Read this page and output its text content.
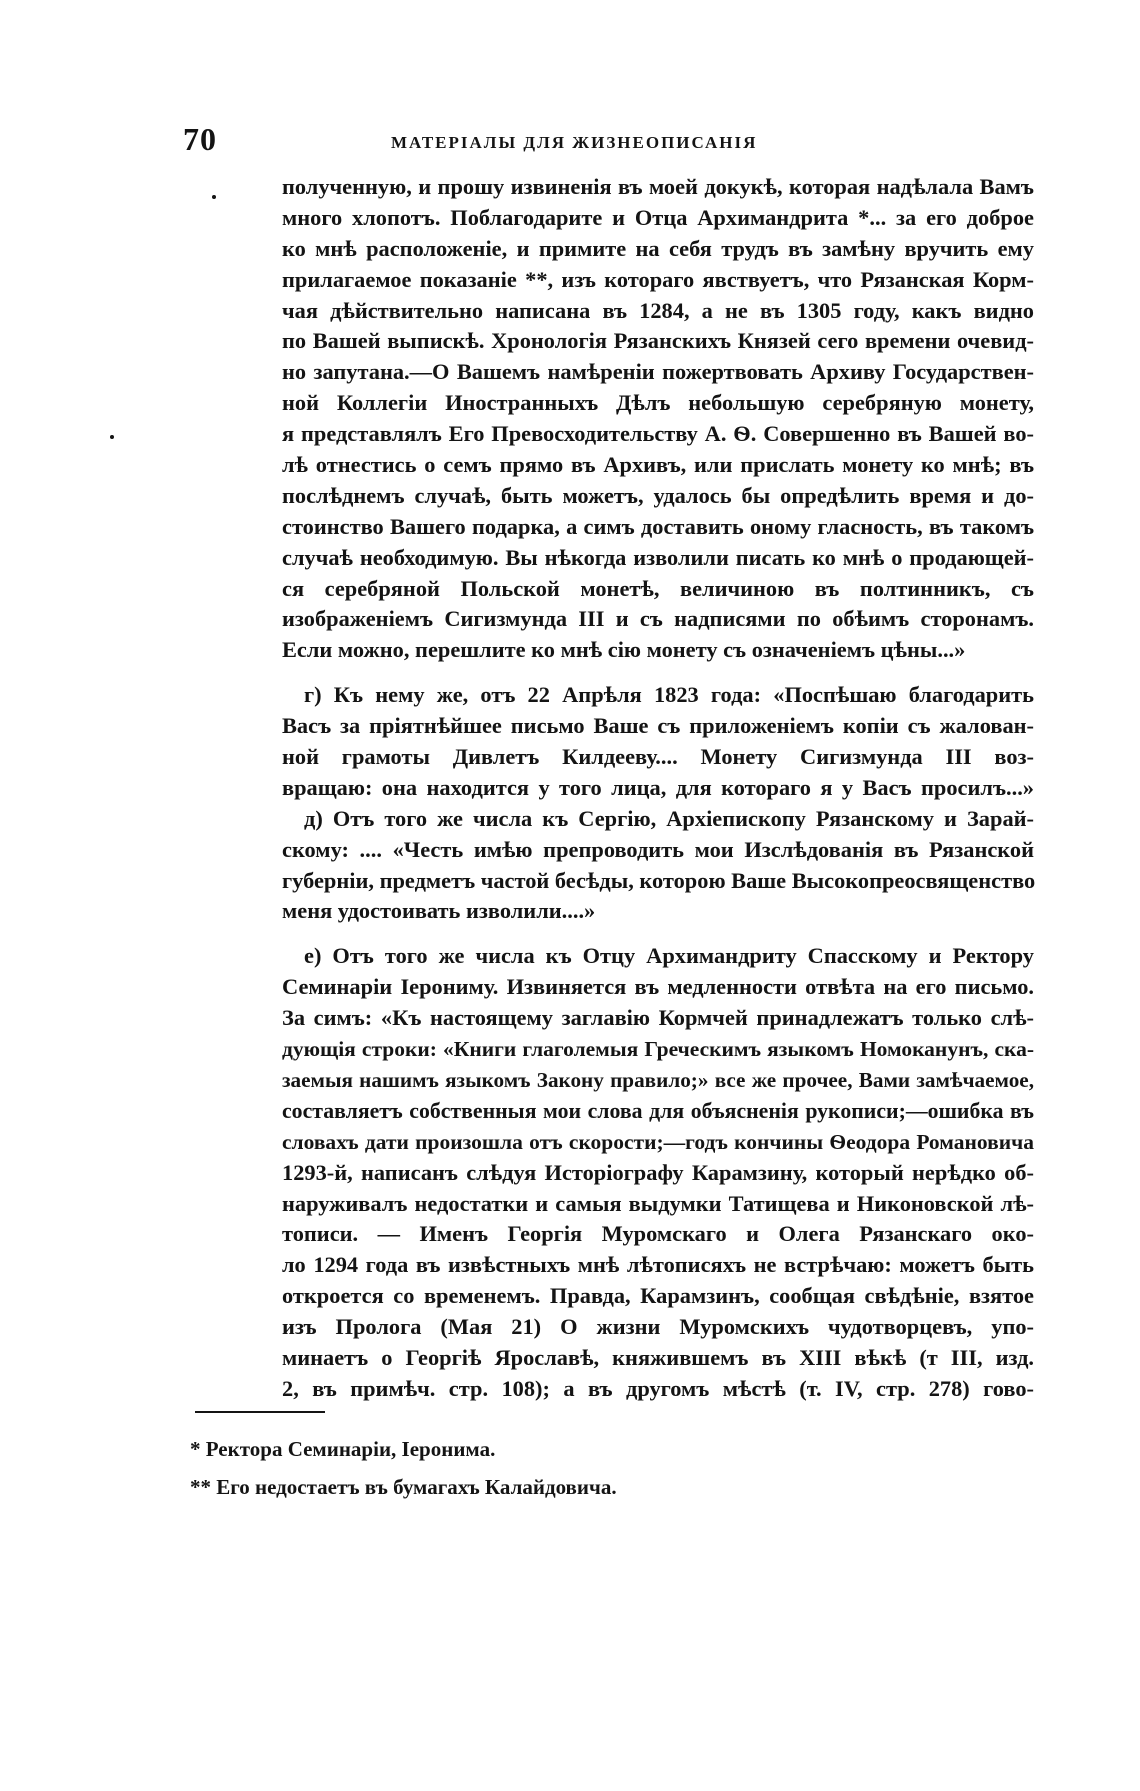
70	МАТЕРІАЛЫ ДЛЯ ЖИЗНЕОПИСАНІЯ
полученную, и прошу извиненія въ моей докукѣ, которая надѣлала Вамъ
много хлопотъ. Поблагодарите и Отца Архимандрита *... за его доброе
ко мнѣ расположеніе, и примите на себя трудъ въ замѣну вручить ему
прилагаемое показаніе **, изъ котораго явствуетъ, что Рязанская Корм-
чая дѣйствительно написана въ 1284, а не въ 1305 году, какъ видно
по Вашей выпискѣ. Хронологія Рязанскихъ Князей сего времени очевид-
но запутана.—О Вашемъ намѣреніи пожертвовать Архиву Государствен-
ной Коллегіи Иностранныхъ Дѣлъ небольшую серебряную монету,
я представлялъ Его Превосходительству А. Ѳ. Совершенно въ Вашей во-
лѣ отнестись о семъ прямо въ Архивъ, или прислать монету ко мнѣ; въ
послѣднемъ случаѣ, быть можетъ, удалось бы опредѣлить время и до-
стоинство Вашего подарка, а симъ доставить оному гласность, въ такомъ
случаѣ необходимую. Вы нѣкогда изволили писать ко мнѣ о продающей-
ся серебряной Польской монетѣ, величиною въ полтинникъ, съ
изображеніемъ Сигизмунда III и съ надписями по обѣимъ сторонамъ.
Если можно, перешлите ко мнѣ сію монету съ означеніемъ цѣны...»
г) Къ нему же, отъ 22 Апрѣля 1823 года: «Поспѣшаю благодарить
Васъ за пріятнѣйшее письмо Ваше съ приложеніемъ копіи съ жалован-
ной грамоты Дивлетъ Килдееву.... Монету Сигизмунда III воз-
вращаю: она находится у того лица, для котораго я у Васъ просилъ...»
д) Отъ того же числа къ Сергію, Архіепископу Рязанскому и Зарай-
скому: .... «Честь имѣю препроводить мои Изслѣдованія въ Рязанской
губерніи, предметъ частой бесѣды, которою Ваше Высокопреосвященство
меня удостоивать изволили....»
е) Отъ того же числа къ Отцу Архимандриту Спасскому и Ректору
Семинаріи Іерониму. Извиняется въ медленности отвѣта на его письмо.
За симъ: «Къ настоящему заглавію Кормчей принадлежатъ только слѣ-
дующія строки: «Книги глаголемыя Греческимъ языкомъ Номоканунъ, ска-
заемыя нашимъ языкомъ Закону правило;» все же прочее, Вами замѣчаемое,
составляетъ собственныя мои слова для объясненія рукописи;—ошибка въ
словахъ дати произошла отъ скорости;—годъ кончины Ѳеодора Романовича
1293-й, написанъ слѣдуя Исторіографу Карамзину, который нерѣдко об-
наруживалъ недостатки и самыя выдумки Татищева и Никоновской лѣ-
тописи. — Именъ Георгія Муромскаго и Олега Рязанскаго око-
ло 1294 года въ извѣстныхъ мнѣ лѣтописяхъ не встрѣчаю: можетъ быть
откроется со временемъ. Правда, Карамзинъ, сообщая свѣдѣніе, взятое
изъ Пролога (Мая 21) О жизни Муромскихъ чудотворцевъ, упо-
минаетъ о Георгіѣ Ярославѣ, княжившемъ въ XIII вѣкѣ (т III, изд.
2, въ примѣч. стр. 108); а въ другомъ мѣстѣ (т. IV, стр. 278) гово-
* Ректора Семинаріи, Іеронима.
** Его недостаетъ въ бумагахъ Калайдовича.
